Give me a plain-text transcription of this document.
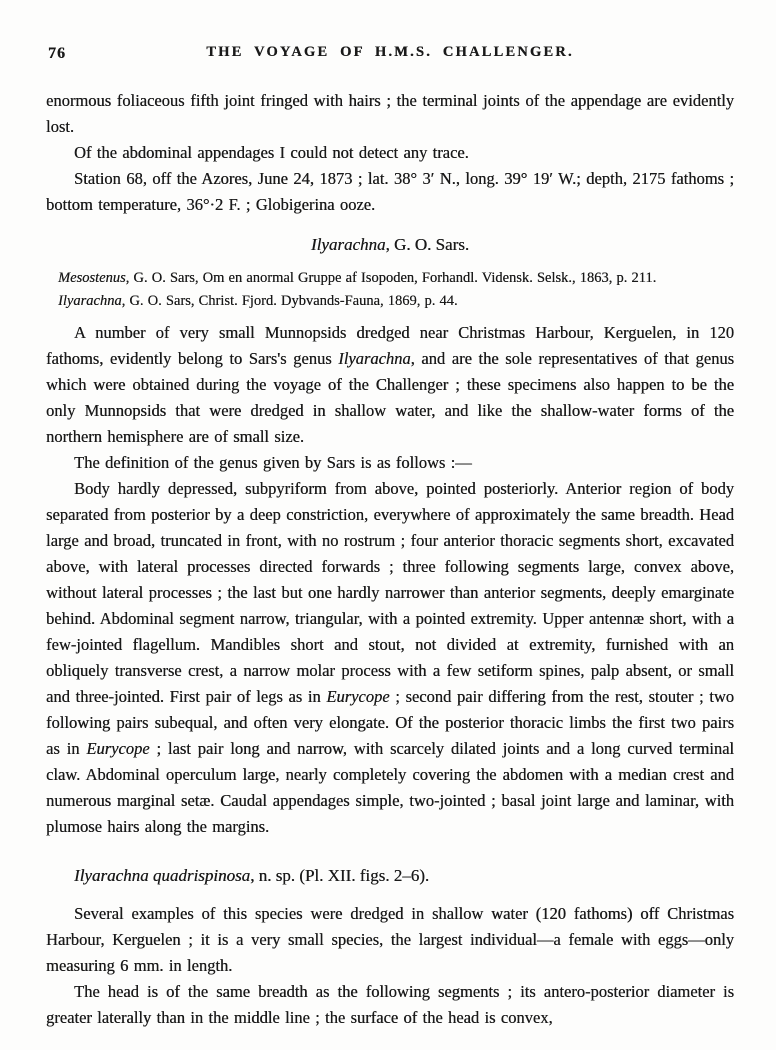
76	THE VOYAGE OF H.M.S. CHALLENGER.

enormous foliaceous fifth joint fringed with hairs ; the terminal joints of the appendage are evidently lost.

Of the abdominal appendages I could not detect any trace.

Station 68, off the Azores, June 24, 1873 ; lat. 38° 3′ N., long. 39° 19′ W.; depth, 2175 fathoms ; bottom temperature, 36°·2 F. ; Globigerina ooze.

Ilyarachna, G. O. Sars.

Mesostenus, G. O. Sars, Om en anormal Gruppe af Isopoden, Forhandl. Vidensk. Selsk., 1863, p. 211.

Ilyarachna, G. O. Sars, Christ. Fjord. Dybvands-Fauna, 1869, p. 44.

A number of very small Munnopsids dredged near Christmas Harbour, Kerguelen, in 120 fathoms, evidently belong to Sars's genus Ilyarachna, and are the sole representatives of that genus which were obtained during the voyage of the Challenger ; these specimens also happen to be the only Munnopsids that were dredged in shallow water, and like the shallow-water forms of the northern hemisphere are of small size.

The definition of the genus given by Sars is as follows :—

Body hardly depressed, subpyriform from above, pointed posteriorly. Anterior region of body separated from posterior by a deep constriction, everywhere of approximately the same breadth. Head large and broad, truncated in front, with no rostrum ; four anterior thoracic segments short, excavated above, with lateral processes directed forwards ; three following segments large, convex above, without lateral processes ; the last but one hardly narrower than anterior segments, deeply emarginate behind. Abdominal segment narrow, triangular, with a pointed extremity. Upper antennæ short, with a few-jointed flagellum. Mandibles short and stout, not divided at extremity, furnished with an obliquely transverse crest, a narrow molar process with a few setiform spines, palp absent, or small and three-jointed. First pair of legs as in Eurycope ; second pair differing from the rest, stouter ; two following pairs subequal, and often very elongate. Of the posterior thoracic limbs the first two pairs as in Eurycope ; last pair long and narrow, with scarcely dilated joints and a long curved terminal claw. Abdominal operculum large, nearly completely covering the abdomen with a median crest and numerous marginal setæ. Caudal appendages simple, two-jointed ; basal joint large and laminar, with plumose hairs along the margins.

Ilyarachna quadrispinosa, n. sp. (Pl. XII. figs. 2–6).

Several examples of this species were dredged in shallow water (120 fathoms) off Christmas Harbour, Kerguelen ; it is a very small species, the largest individual—a female with eggs—only measuring 6 mm. in length.

The head is of the same breadth as the following segments ; its antero-posterior diameter is greater laterally than in the middle line ; the surface of the head is convex,
